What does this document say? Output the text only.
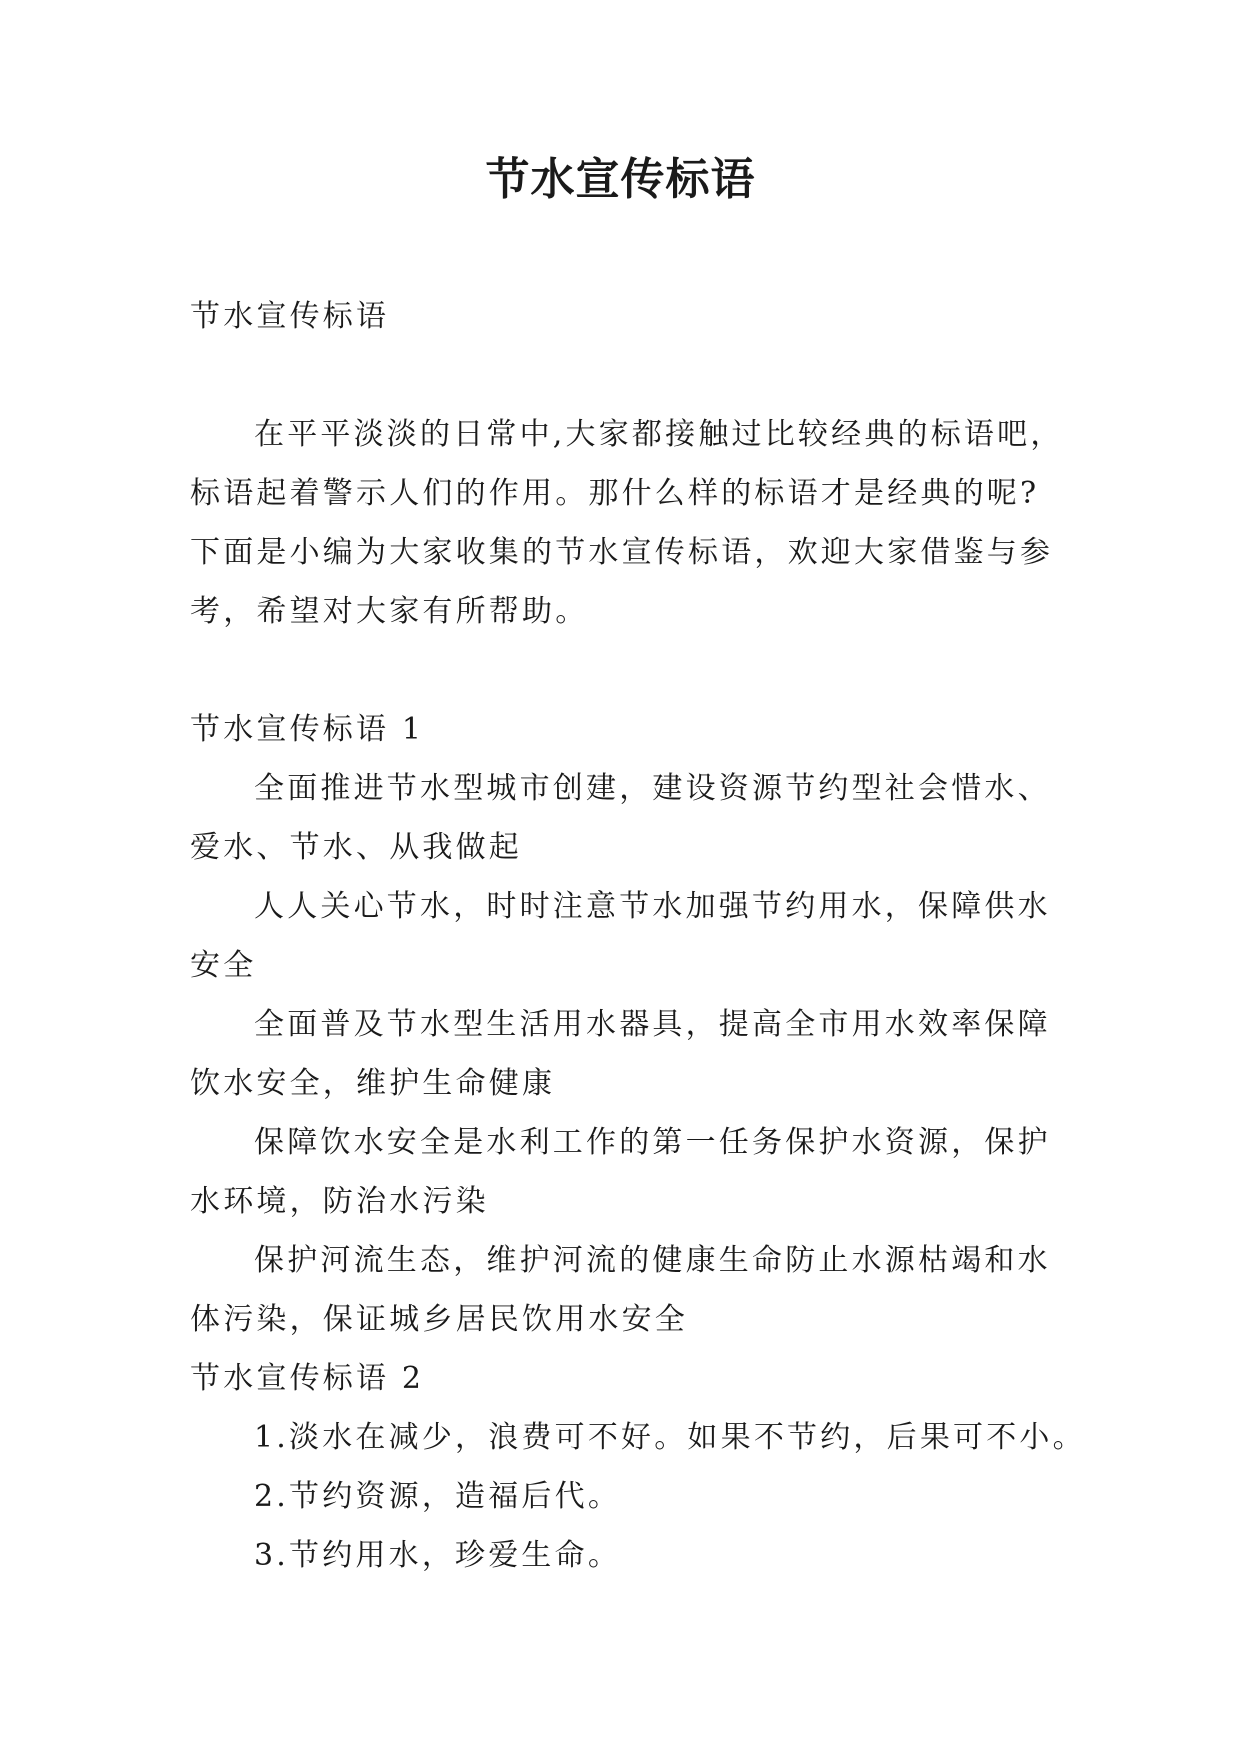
节水宣传标语

节水宣传标语

在平平淡淡的日常中,大家都接触过比较经典的标语吧，

标语起着警示人们的作用。那什么样的标语才是经典的呢?

下面是小编为大家收集的节水宣传标语，欢迎大家借鉴与参

考，希望对大家有所帮助。

节水宣传标语 1

全面推进节水型城市创建，建设资源节约型社会惜水、

爱水、节水、从我做起

人人关心节水，时时注意节水加强节约用水，保障供水

安全

全面普及节水型生活用水器具，提高全市用水效率保障

饮水安全，维护生命健康

保障饮水安全是水利工作的第一任务保护水资源，保护

水环境，防治水污染

保护河流生态，维护河流的健康生命防止水源枯竭和水

体污染，保证城乡居民饮用水安全

节水宣传标语 2

1.淡水在减少，浪费可不好。如果不节约，后果可不小。

2.节约资源，造福后代。

3.节约用水，珍爱生命。
